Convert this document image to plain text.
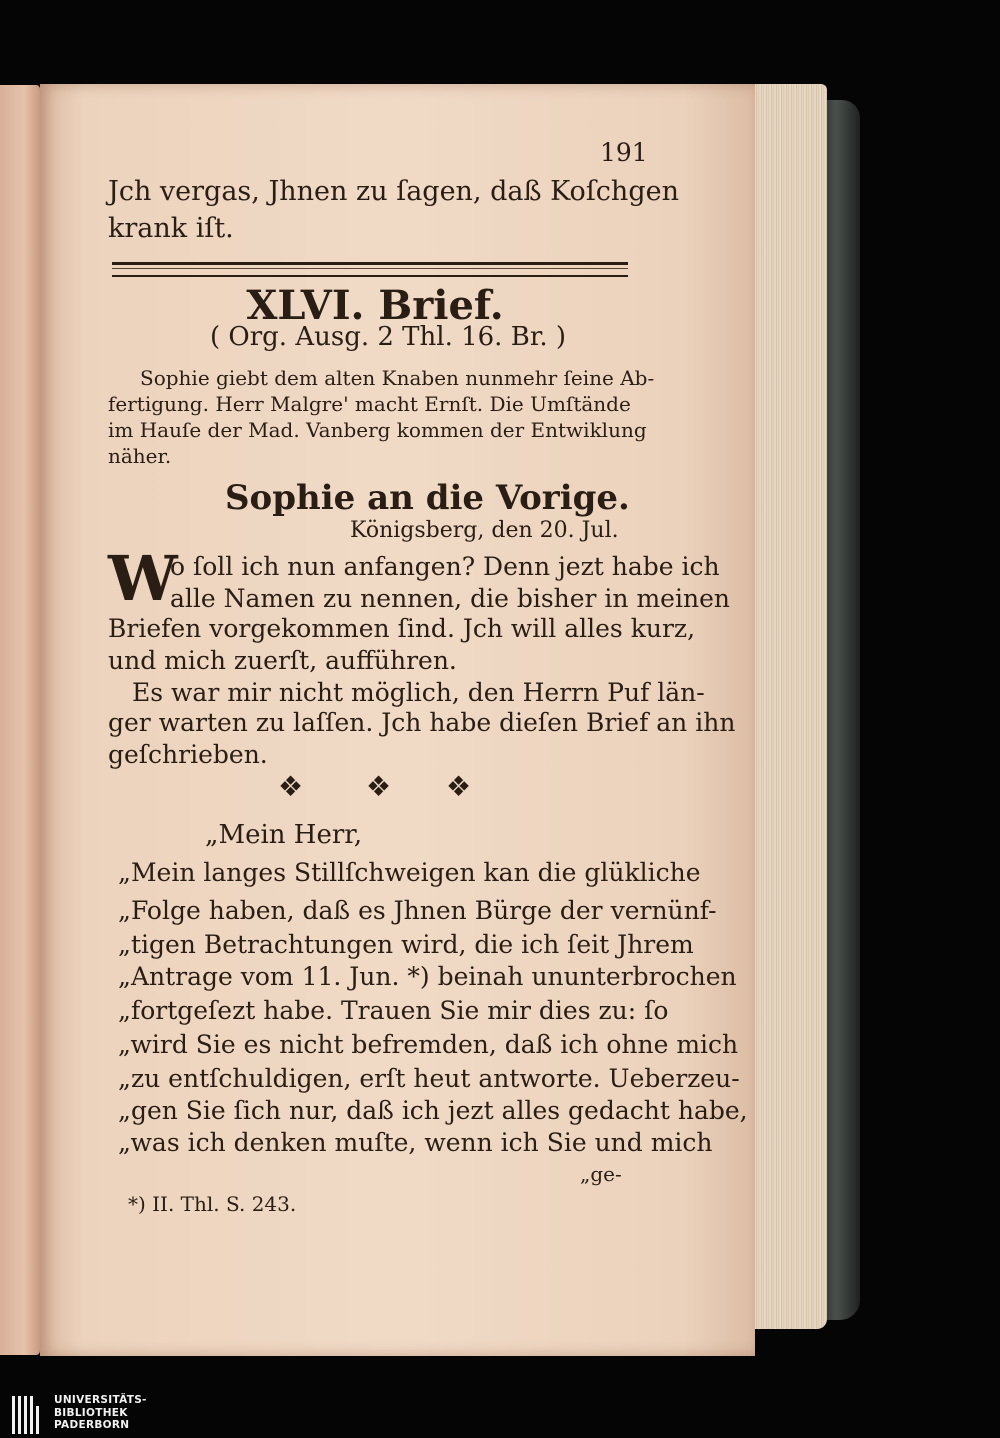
191
Jch vergas, Jhnen zu ſagen, daß Koſchgen
krank iſt.
XLVI. Brief.
( Org. Ausg. 2 Thl. 16. Br. )
Sophie giebt dem alten Knaben nunmehr ſeine Ab-
fertigung. Herr Malgre' macht Ernſt. Die Umſtände
im Hauſe der Mad. Vanberg kommen der Entwiklung
näher.
Sophie an die Vorige.
Königsberg, den 20. Jul.
W
o ſoll ich nun anfangen? Denn jezt habe ich
alle Namen zu nennen, die bisher in meinen
Briefen vorgekommen ſind. Jch will alles kurz,
und mich zuerſt, aufführen.
Es war mir nicht möglich, den Herrn Puf län-
ger warten zu laſſen. Jch habe dieſen Brief an ihn
geſchrieben.
❖ ❖ ❖
„Mein Herr,
„Mein langes Stillſchweigen kan die glükliche
„Folge haben, daß es Jhnen Bürge der vernünf-
„tigen Betrachtungen wird, die ich ſeit Jhrem
„Antrage vom 11. Jun. *) beinah ununterbrochen
„fortgeſezt habe. Trauen Sie mir dies zu: ſo
„wird Sie es nicht befremden, daß ich ohne mich
„zu entſchuldigen, erſt heut antworte. Ueberzeu-
„gen Sie ſich nur, daß ich jezt alles gedacht habe,
„was ich denken muſte, wenn ich Sie und mich
„ge-
*) II. Thl. S. 243.
UNIVERSITÄTS-
BIBLIOTHEK
PADERBORN
